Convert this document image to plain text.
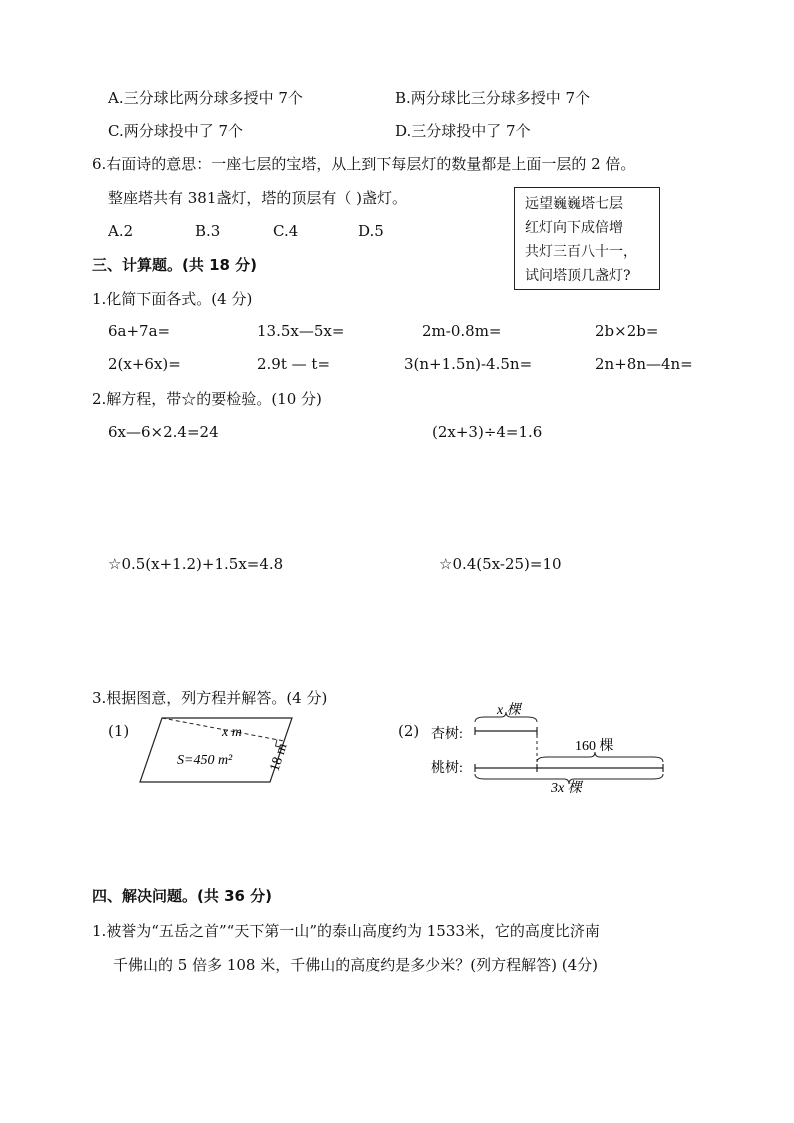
A.三分球比两分球多授中 7个	B.两分球比三分球多授中 7个
C.两分球投中了 7个	D.三分球投中了 7个
6.右面诗的意思：一座七层的宝塔，从上到下每层灯的数量都是上面一层的 2 倍。
整座塔共有 381盏灯，塔的顶层有（ )盏灯。
A.2	B.3	C.4	D.5
远望巍巍塔七层
红灯向下成倍增
共灯三百八十一，
试问塔顶几盏灯?
三、计算题。(共 18 分)
1.化简下面各式。(4 分)
6a+7a=	13.5x—5x=	2m-0.8m=	2b×2b=
2(x+6x)=	2.9t — t=	3(n+1.5n)-4.5n=	2n+8n—4n=
2.解方程，带☆的要检验。(10 分)
6x—6×2.4=24	(2x+3)÷4=1.6
☆0.5(x+1.2)+1.5x=4.8	☆0.4(5x-25)=10
3.根据图意，列方程并解答。(4 分)
(1)	x m
S=450 m²	18 m
(2) 杏树:
桃树:
x 棵
160 棵
3x 棵
四、解决问题。(共 36 分)
1.被誉为“五岳之首”“天下第一山”的泰山高度约为 1533米，它的高度比济南
千佛山的 5 倍多 108 米，千佛山的高度约是多少米？(列方程解答) (4分)
